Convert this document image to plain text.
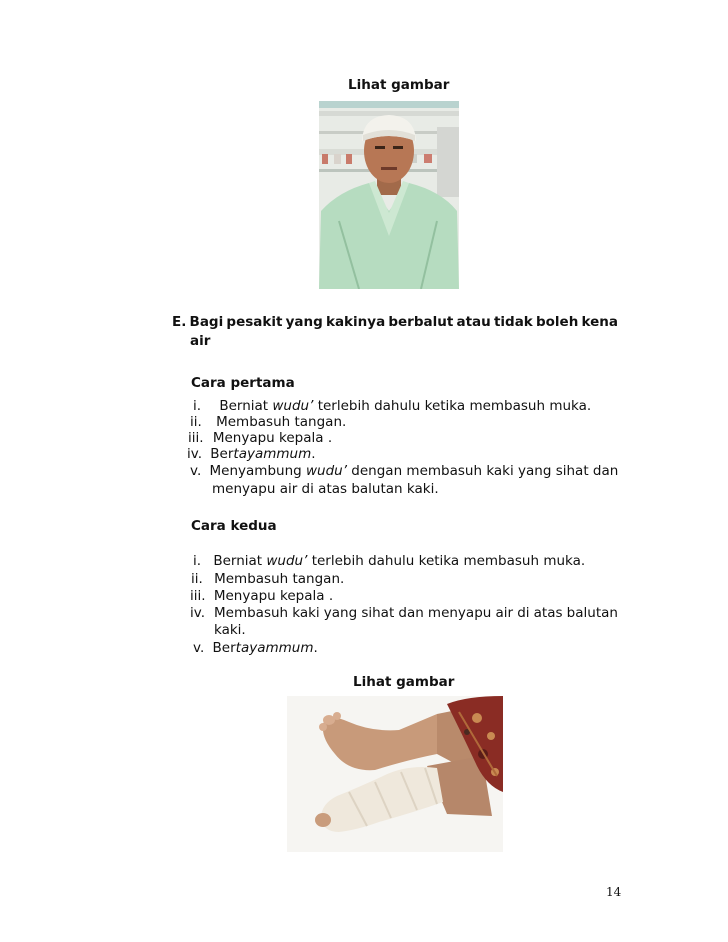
Lihat gambar
E. Bagi pesakit yang kakinya berbalut atau tidak boleh kena
air
Cara pertama
i. Berniat wudu’ terlebih dahulu ketika membasuh muka.
ii. Membasuh tangan.
iii. Menyapu kepala .
iv. Bertayammum.
v. Menyambung wudu’ dengan membasuh kaki yang sihat dan
menyapu air di atas balutan kaki.
Cara kedua
i. Berniat wudu’ terlebih dahulu ketika membasuh muka.
ii. Membasuh tangan.
iii. Menyapu kepala .
iv. Membasuh kaki yang sihat dan menyapu air di atas balutan
kaki.
v. Bertayammum.
Lihat gambar
14
